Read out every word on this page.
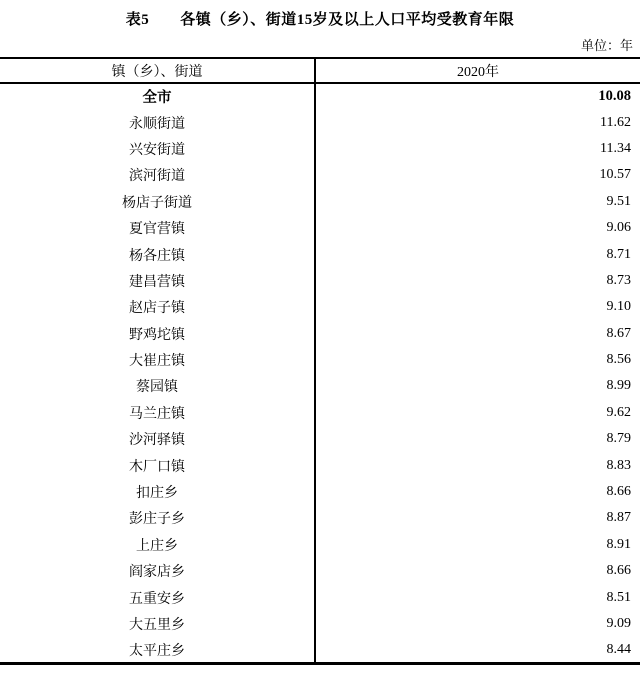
表5　　各镇（乡）、街道15岁及以上人口平均受教育年限
单位：年
镇（乡）、街道	2020年
全市	10.08
永顺街道	11.62
兴安街道	11.34
滨河街道	10.57
杨店子街道	9.51
夏官营镇	9.06
杨各庄镇	8.71
建昌营镇	8.73
赵店子镇	9.10
野鸡坨镇	8.67
大崔庄镇	8.56
蔡园镇	8.99
马兰庄镇	9.62
沙河驿镇	8.79
木厂口镇	8.83
扣庄乡	8.66
彭庄子乡	8.87
上庄乡	8.91
阎家店乡	8.66
五重安乡	8.51
大五里乡	9.09
太平庄乡	8.44
